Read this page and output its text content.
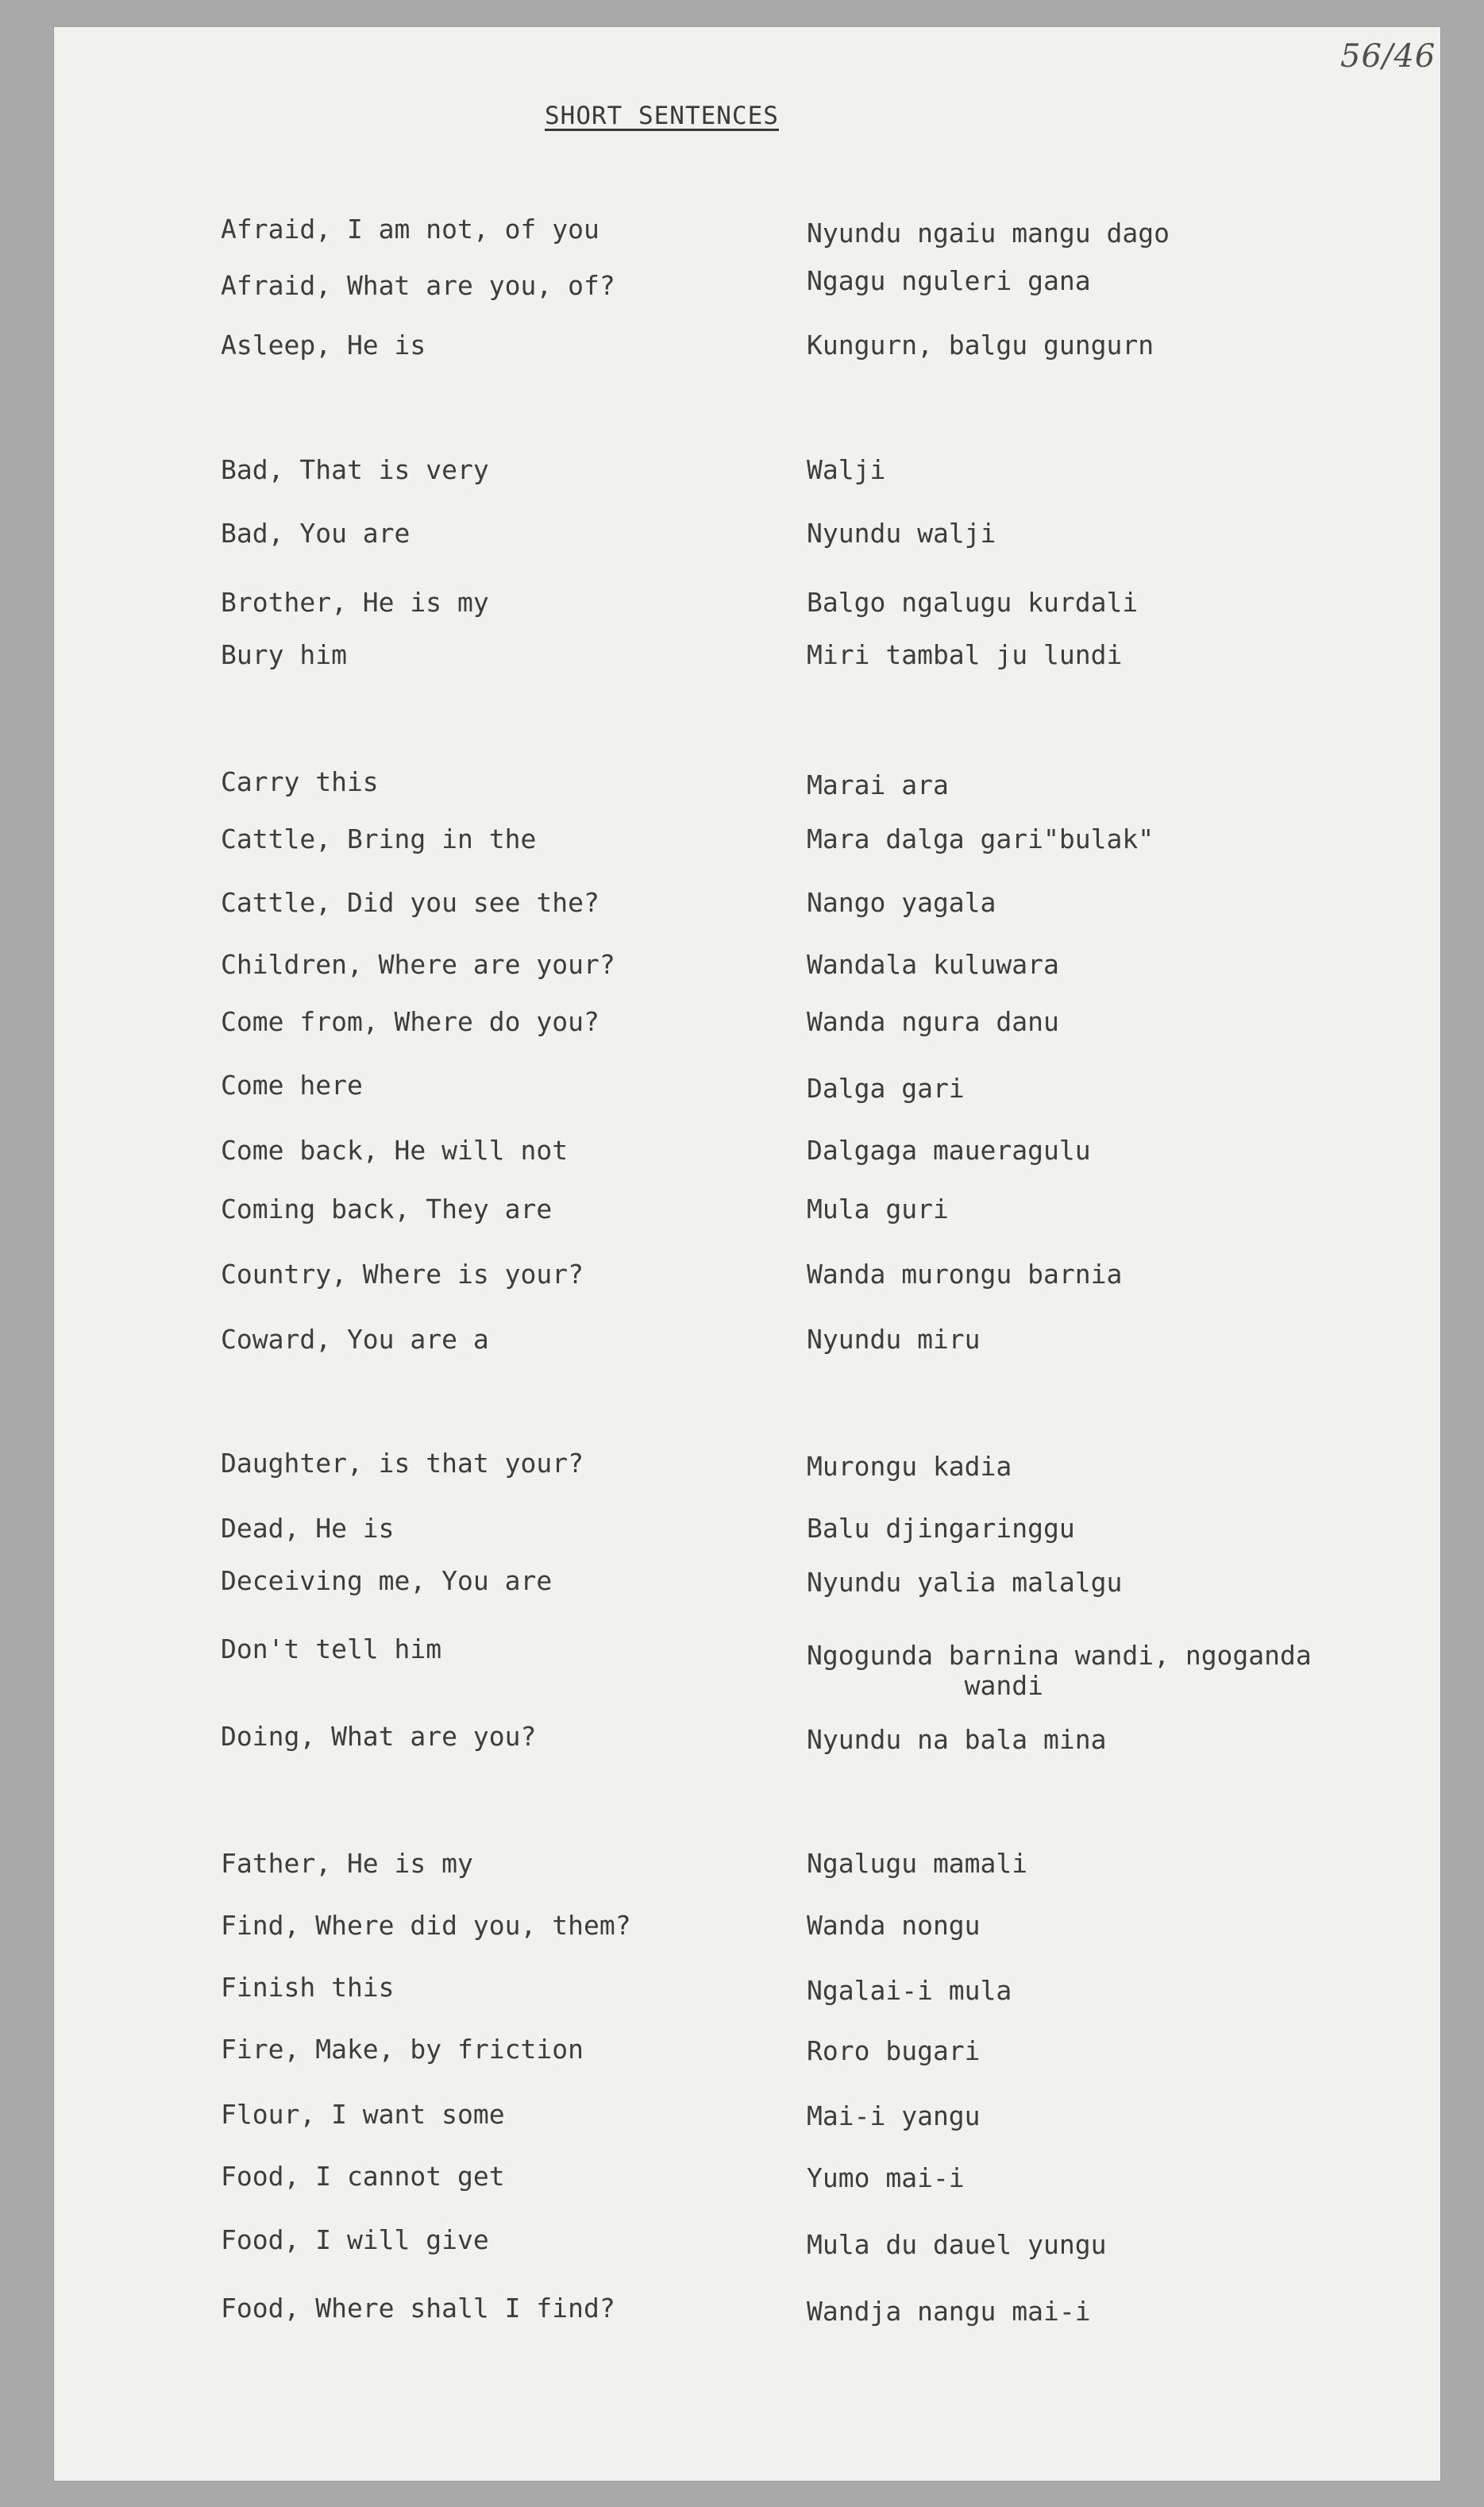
56/46
SHORT SENTENCES
Afraid, I am not, of you	Nyundu ngaiu mangu dago
Afraid, What are you, of?	Ngagu nguleri gana
Asleep, He is	Kungurn, balgu gungurn
Bad, That is very	Walji
Bad, You are	Nyundu walji
Brother, He is my	Balgo ngalugu kurdali
Bury him	Miri tambal ju lundi
Carry this	Marai ara
Cattle, Bring in the	Mara dalga gari"bulak"
Cattle, Did you see the?	Nango yagala
Children, Where are your?	Wandala kuluwara
Come from, Where do you?	Wanda ngura danu
Come here	Dalga gari
Come back, He will not	Dalgaga maueragulu
Coming back, They are	Mula guri
Country, Where is your?	Wanda murongu barnia
Coward, You are a	Nyundu miru
Daughter, is that your?	Murongu kadia
Dead, He is	Balu djingaringgu
Deceiving me, You are	Nyundu yalia malalgu
Don't tell him	Ngogunda barnina wandi, ngoganda
wandi
Doing, What are you?	Nyundu na bala mina
Father, He is my	Ngalugu mamali
Find, Where did you, them?	Wanda nongu
Finish this	Ngalai-i mula
Fire, Make, by friction	Roro bugari
Flour, I want some	Mai-i yangu
Food, I cannot get	Yumo mai-i
Food, I will give	Mula du dauel yungu
Food, Where shall I find?	Wandja nangu mai-i
